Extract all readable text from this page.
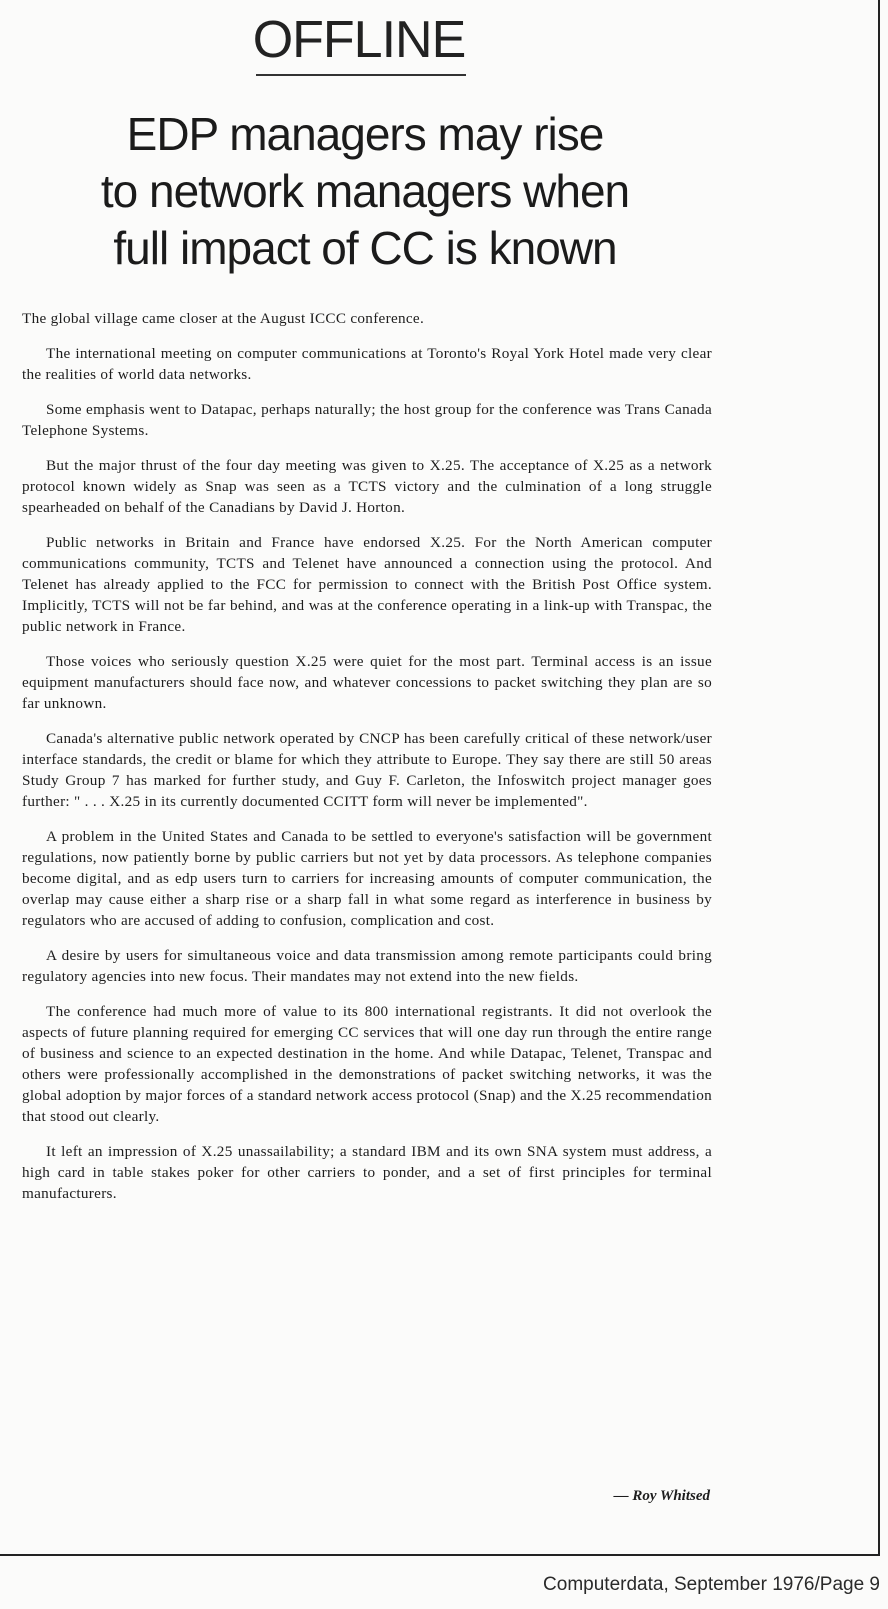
OFFLINE
EDP managers may rise
to network managers when
full impact of CC is known

The global village came closer at the August ICCC conference.

The international meeting on computer communications at Toronto's Royal York Hotel made very clear the realities of world data networks.

Some emphasis went to Datapac, perhaps naturally; the host group for the conference was Trans Canada Telephone Systems.

But the major thrust of the four day meeting was given to X.25. The acceptance of X.25 as a network protocol known widely as Snap was seen as a TCTS victory and the culmination of a long struggle spearheaded on behalf of the Canadians by David J. Horton.

Public networks in Britain and France have endorsed X.25. For the North American computer communications community, TCTS and Telenet have announced a connection using the protocol. And Telenet has already applied to the FCC for permission to connect with the British Post Office system. Implicitly, TCTS will not be far behind, and was at the conference operating in a link-up with Transpac, the public network in France.

Those voices who seriously question X.25 were quiet for the most part. Terminal access is an issue equipment manufacturers should face now, and whatever concessions to packet switching they plan are so far unknown.

Canada's alternative public network operated by CNCP has been carefully critical of these network/user interface standards, the credit or blame for which they attribute to Europe. They say there are still 50 areas Study Group 7 has marked for further study, and Guy F. Carleton, the Infoswitch project manager goes further: " . . . X.25 in its currently documented CCITT form will never be implemented".

A problem in the United States and Canada to be settled to everyone's satisfaction will be government regulations, now patiently borne by public carriers but not yet by data processors. As telephone companies become digital, and as edp users turn to carriers for increasing amounts of computer communication, the overlap may cause either a sharp rise or a sharp fall in what some regard as interference in business by regulators who are accused of adding to confusion, complication and cost.

A desire by users for simultaneous voice and data transmission among remote participants could bring regulatory agencies into new focus. Their mandates may not extend into the new fields.

The conference had much more of value to its 800 international registrants. It did not overlook the aspects of future planning required for emerging CC services that will one day run through the entire range of business and science to an expected destination in the home. And while Datapac, Telenet, Transpac and others were professionally accomplished in the demonstrations of packet switching networks, it was the global adoption by major forces of a standard network access protocol (Snap) and the X.25 recommendation that stood out clearly.

It left an impression of X.25 unassailability; a standard IBM and its own SNA system must address, a high card in table stakes poker for other carriers to ponder, and a set of first principles for terminal manufacturers.

— Roy Whitsed
Computerdata, September 1976/Page 9
